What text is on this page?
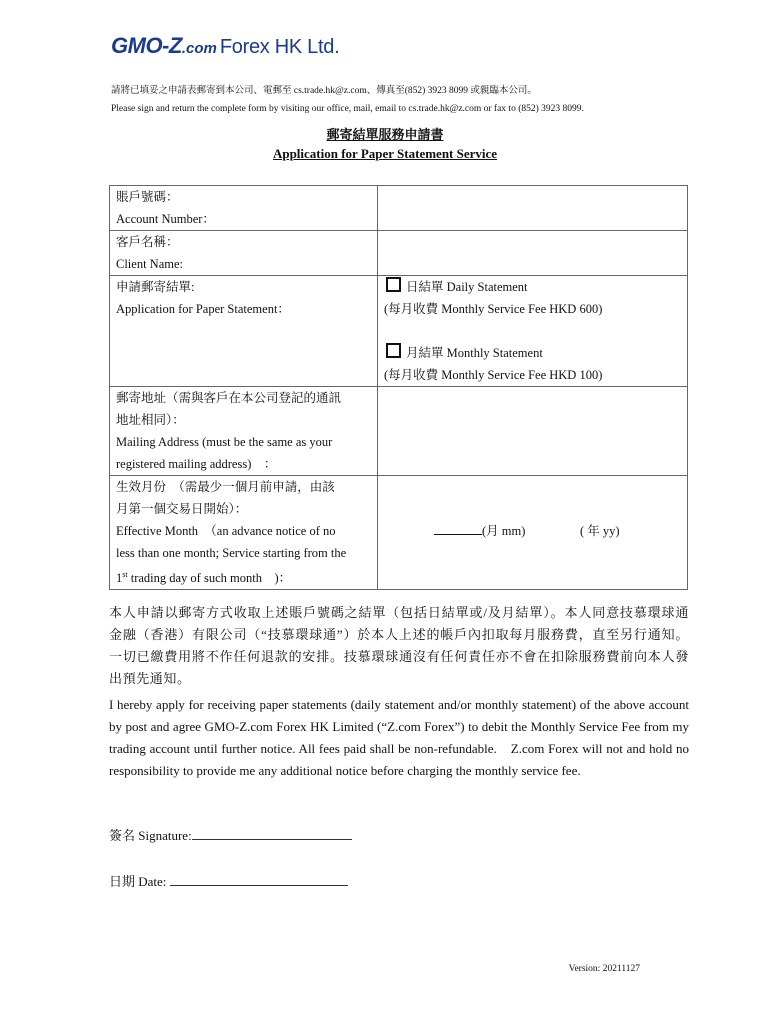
GMO-Z.com Forex HK Ltd.
請將已填妥之申請表郵寄到本公司、電郵至 cs.trade.hk@z.com、傳真至(852) 3923 8099 或親臨本公司。
Please sign and return the complete form by visiting our office, mail, email to cs.trade.hk@z.com or fax to (852) 3923 8099.
郵寄結單服務申請書
Application for Paper Statement Service
賬戶號碼：
Account Number：	

客戶名稱：
Client Name:	

申請郵寄結單:
Application for Paper Statement：	日結單 Daily Statement
(每月收費 Monthly Service Fee HKD 600)
月結單 Monthly Statement
(每月收費 Monthly Service Fee HKD 100)

郵寄地址（需與客戶在本公司登記的通訊
地址相同）：
Mailing Address (must be the same as your
registered mailing address)　：	

生效月份　（需最少一個月前申請，由該
月第一個交易日開始）：
Effective Month　（an advance notice of no
less than one month; Service starting from the
1st trading day of such month　)：	(月 mm) ( 年 yy)

本人申請以郵寄方式收取上述賬戶號碼之結單（包括日結單或/及月結單）。本人同意技慕環球通金融（香港）有限公司（“技慕環球通”）於本人上述的帳戶內扣取每月服務費，直至另行通知。一切已繳費用將不作任何退款的安排。技慕環球通沒有任何責任亦不會在扣除服務費前向本人發出預先通知。

I hereby apply for receiving paper statements (daily statement and/or monthly statement) of the above account by post and agree GMO-Z.com Forex HK Limited (“Z.com Forex”) to debit the Monthly Service Fee from my trading account until further notice. All fees paid shall be non-refundable.　Z.com Forex will not and hold no responsibility to provide me any additional notice before charging the monthly service fee.

簽名 Signature:
日期 Date:
Version: 20211127
